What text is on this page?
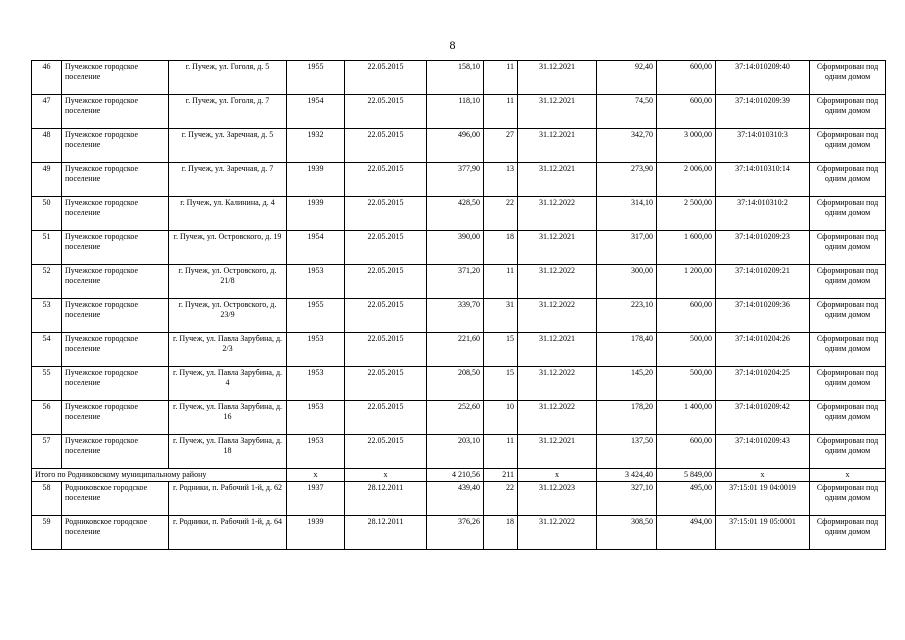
8
46	Пучежское городское поселение	г. Пучеж, ул. Гоголя, д. 5	1955	22.05.2015	158,10	11	31.12.2021	92,40	600,00	37:14:010209:40	Сформирован под одним домом
47	Пучежское городское поселение	г. Пучеж, ул. Гоголя, д. 7	1954	22.05.2015	118,10	11	31.12.2021	74,50	600,00	37:14:010209:39	Сформирован под одним домом
48	Пучежское городское поселение	г. Пучеж, ул. Заречная, д. 5	1932	22.05.2015	496,00	27	31.12.2021	342,70	3 000,00	37:14:010310:3	Сформирован под одним домом
49	Пучежское городское поселение	г. Пучеж, ул. Заречная, д. 7	1939	22.05.2015	377,90	13	31.12.2021	273,90	2 006,00	37:14:010310:14	Сформирован под одним домом
50	Пучежское городское поселение	г. Пучеж, ул. Калинина, д. 4	1939	22.05.2015	428,50	22	31.12.2022	314,10	2 500,00	37:14:010310:2	Сформирован под одним домом
51	Пучежское городское поселение	г. Пучеж, ул. Островского, д. 19	1954	22.05.2015	390,00	18	31.12.2021	317,00	1 600,00	37:14:010209:23	Сформирован под одним домом
52	Пучежское городское поселение	г. Пучеж, ул. Островского, д. 21/8	1953	22.05.2015	371,20	11	31.12.2022	300,00	1 200,00	37:14:010209:21	Сформирован под одним домом
53	Пучежское городское поселение	г. Пучеж, ул. Островского, д. 23/9	1955	22.05.2015	339,70	31	31.12.2022	223,10	600,00	37:14:010209:36	Сформирован под одним домом
54	Пучежское городское поселение	г. Пучеж, ул. Павла Зарубина, д. 2/3	1953	22.05.2015	221,60	15	31.12.2021	178,40	500,00	37:14:010204:26	Сформирован под одним домом
55	Пучежское городское поселение	г. Пучеж, ул. Павла Зарубина, д. 4	1953	22.05.2015	208,50	15	31.12.2022	145,20	500,00	37:14:010204:25	Сформирован под одним домом
56	Пучежское городское поселение	г. Пучеж, ул. Павла Зарубина, д. 16	1953	22.05.2015	252,60	10	31.12.2022	178,20	1 400,00	37:14:010209:42	Сформирован под одним домом
57	Пучежское городское поселение	г. Пучеж, ул. Павла Зарубина, д. 18	1953	22.05.2015	203,10	11	31.12.2021	137,50	600,00	37:14:010209:43	Сформирован под одним домом
Итого по Родниковскому муниципальному району			х	х	4 210,56	211	х	3 424,40	5 849,00	х	х
58	Родниковское городское поселение	г. Родники, п. Рабочий 1-й, д. 62	1937	28.12.2011	439,40	22	31.12.2023	327,10	495,00	37:15:01 19 04:0019	Сформирован под одним домом
59	Родниковское городское поселение	г. Родники, п. Рабочий 1-й, д. 64	1939	28.12.2011	376,26	18	31.12.2022	308,50	494,00	37:15:01 19 05:0001	Сформирован под одним домом
